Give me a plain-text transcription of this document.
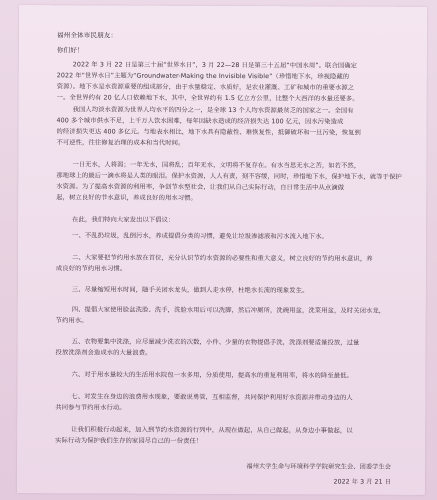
福州全体市民朋友：
你们好！
2022 年 3 月 22 日是第三十届“世界水日”，3 月 22—28 日是第三十五届“中国水周”。联合国确定
2022 年“世界水日”主题为“Groundwater-Making the Invisible Visible”（珍惜地下水，珍视隐藏的
资源）。地下水是水资源重要的组成部分，由于水量稳定、水质好，是农业灌溉、工矿和城市的重要水源之
一。全世界约有 20 亿人口依赖地下水，其中，全世界约有 1.5 亿立方公里，比整个大西洋的水量还要多。
我国人均淡水资源为世界人均水平的四分之一，是全球 13 个人均水资源最贫乏的国家之一。全国有
400 多个城市供水不足，上千万人饮水困难，每年因缺水造成的经济损失达 100 亿元，因水污染造成
的经济损失更达 400 多亿元。与地表水相比，地下水具有隐蔽性、难恢复性，抵御破坏和一旦污染，恢复到
不可逆性，往往修复治理的成本和当代时间。
一日无水，人将渴；一年无水，国将乱；百年无水，文明将不复存在。有水当思无水之苦，如若不然，
那地球上的最后一滴水将是人类的眼泪。保护水资源，人人有责，刻不容缓，同时，珍惜地下水，保护地下水，就等于保护
水资源。为了提高水资源的利用率，争创节水型社会，让我们从自己实际行动，自日常生活中从点滴做
起，树立良好的节水意识，养成良好的用水习惯。
在此，我们特向大家发出以下倡议：
一、不乱扔垃圾，乱倒污水，养成提倡分类的习惯，避免让垃圾渗滤液和污水流入地下水。
二、大家要把节约用水放在首位，充分认识节约水资源的必要性和重大意义，树立良好的节约用水意识，养
成良好的节约用水习惯。
三、尽量缩短用水时间，随手关闭水龙头，做到人走水停，杜绝水长流的现象发生。
四、提倡大家使用脸盆洗脸、洗手，洗脸水用后可以洗脚，然后冲厕所，洗碗用盆，洗菜用盆，及时关闭水龙，
节约用水。
五、衣物要集中洗涤，应尽量减少洗衣的次数，小件、少量的衣物提倡手洗，洗涤剂要适量投放，过量
投放洗涤剂会造成水的大量浪费。
六、对于用水量较大的生活用水院包一水多用，分质使用，提高水的重复利用率，将水的降至最低。
七、对发生在身边的浪费用水现象，要敢说勇管，互相监督，共同保护利用好水资源并带动身边的人
共同参与节约用水行动。
让我们积极行动起来，加入到节约水资源的行列中，从现在做起，从自己做起，从身边小事做起，以
实际行动为保护我们生存的家园尽自己的一份责任！
福州大学生命与环境科学学院研究生会、团委学生会
2022 年 3 月 21 日
